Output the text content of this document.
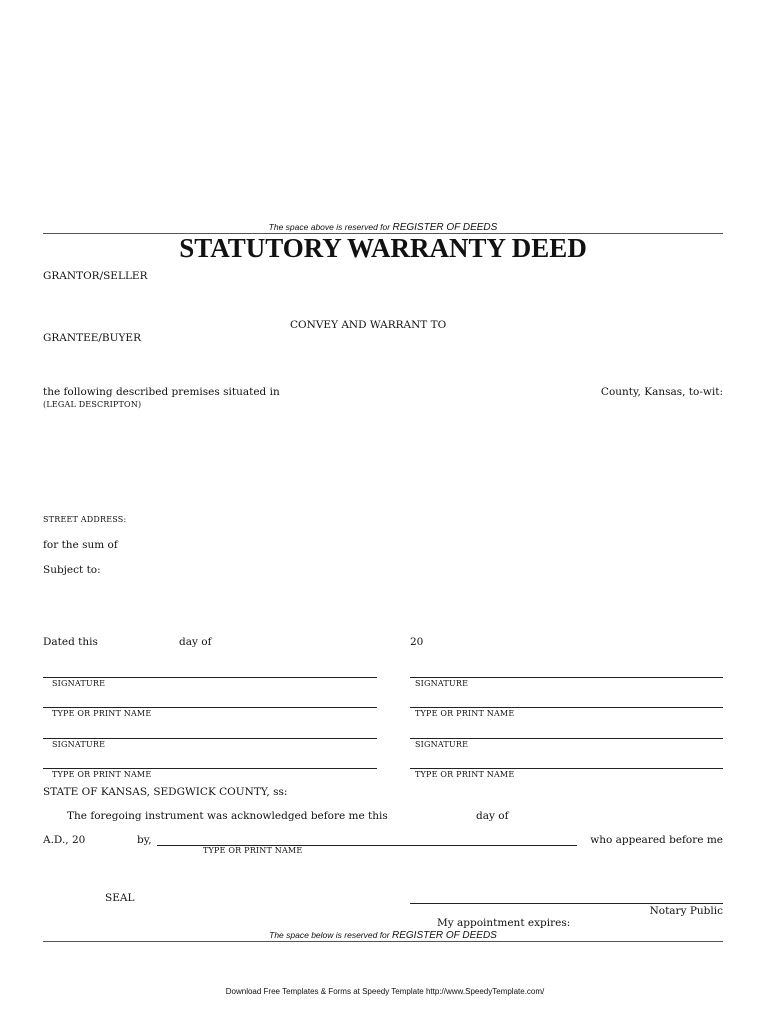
The space above is reserved for REGISTER OF DEEDS
STATUTORY WARRANTY DEED
GRANTOR/SELLER
CONVEY AND WARRANT TO
GRANTEE/BUYER
the following described premises situated in	County, Kansas, to-wit:
(LEGAL DESCRIPTON)
STREET ADDRESS:
for the sum of
Subject to:
Dated this	day of	20
SIGNATURE	SIGNATURE
TYPE OR PRINT NAME	TYPE OR PRINT NAME
SIGNATURE	SIGNATURE
TYPE OR PRINT NAME	TYPE OR PRINT NAME
STATE OF KANSAS, SEDGWICK COUNTY, ss:
The foregoing instrument was acknowledged before me this	day of
A.D., 20	by,	who appeared before me
TYPE OR PRINT NAME
SEAL
Notary Public
My appointment expires:
The space below is reserved for REGISTER OF DEEDS
Download Free Templates & Forms at Speedy Template http://www.SpeedyTemplate.com/
